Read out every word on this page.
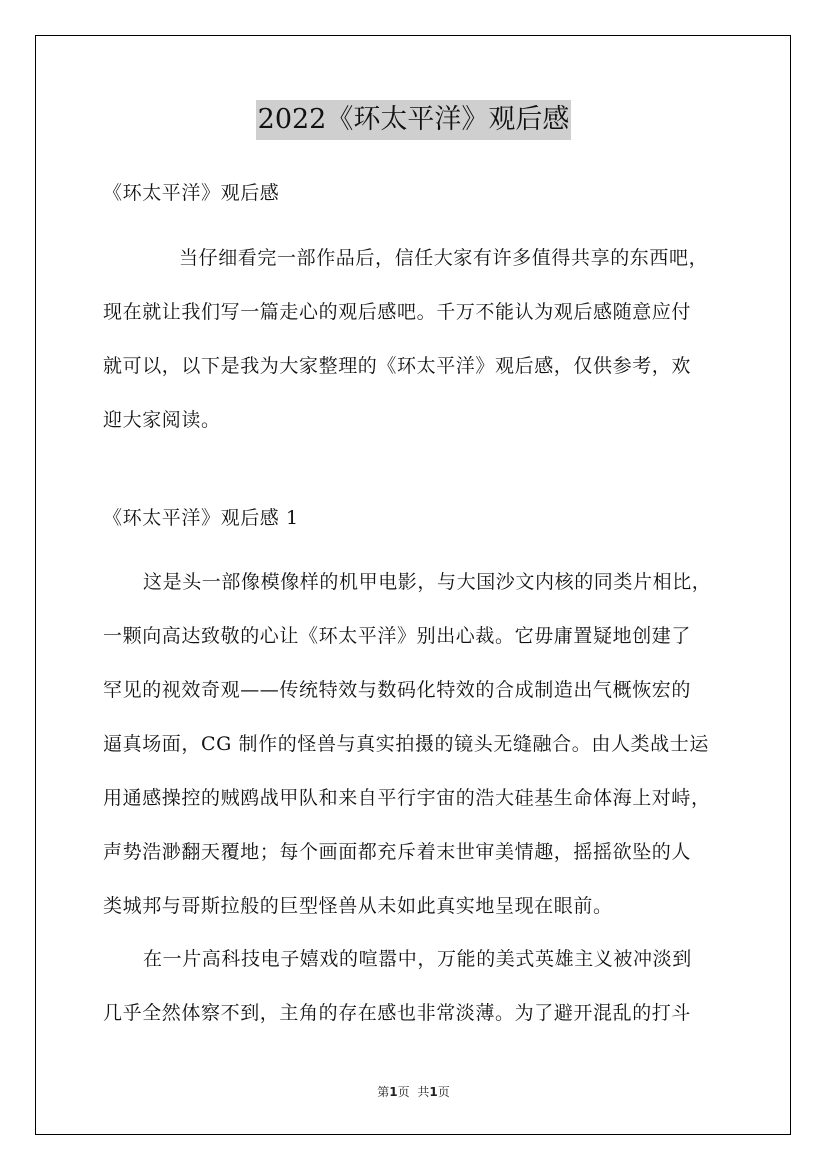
2022《环太平洋》观后感
《环太平洋》观后感
当仔细看完一部作品后，信任大家有许多值得共享的东西吧，
现在就让我们写一篇走心的观后感吧。千万不能认为观后感随意应付
就可以，以下是我为大家整理的《环太平洋》观后感，仅供参考，欢
迎大家阅读。
《环太平洋》观后感 1
这是头一部像模像样的机甲电影，与大国沙文内核的同类片相比，
一颗向高达致敬的心让《环太平洋》别出心裁。它毋庸置疑地创建了
罕见的视效奇观——传统特效与数码化特效的合成制造出气概恢宏的
逼真场面，CG 制作的怪兽与真实拍摄的镜头无缝融合。由人类战士运
用通感操控的贼鸥战甲队和来自平行宇宙的浩大硅基生命体海上对峙，
声势浩渺翻天覆地；每个画面都充斥着末世审美情趣，摇摇欲坠的人
类城邦与哥斯拉般的巨型怪兽从未如此真实地呈现在眼前。
在一片高科技电子嬉戏的喧嚣中，万能的美式英雄主义被冲淡到
几乎全然体察不到，主角的存在感也非常淡薄。为了避开混乱的打斗
第1页 共1页
